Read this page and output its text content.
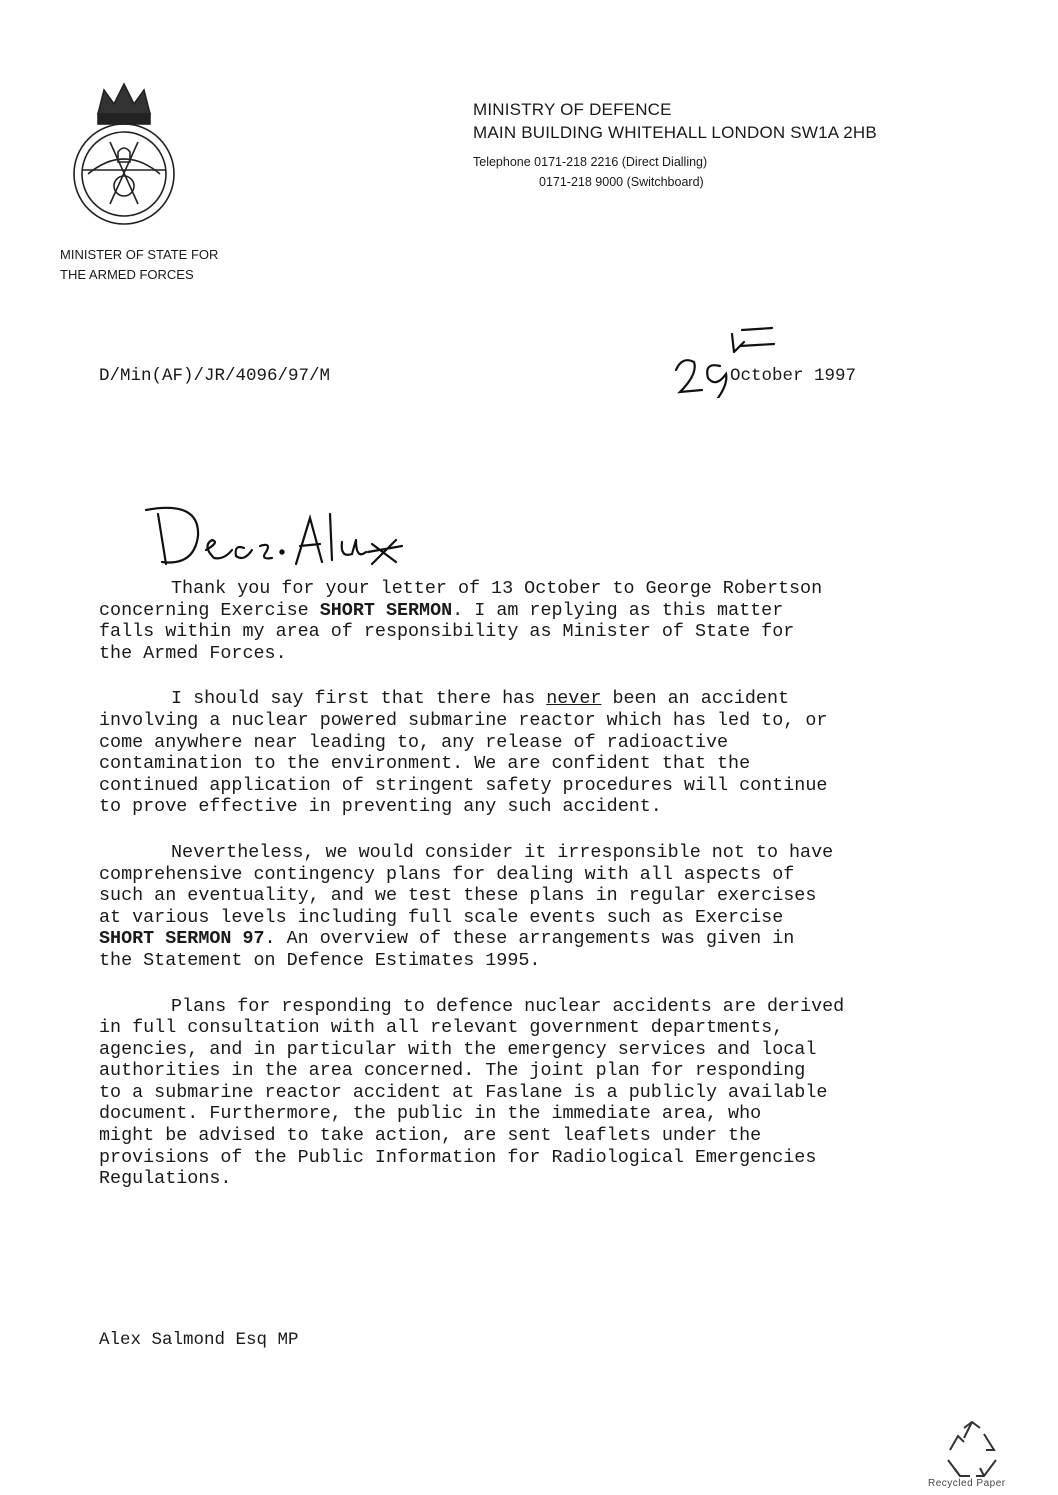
MINISTRY OF DEFENCE
MAIN BUILDING WHITEHALL LONDON SW1A 2HB
Telephone 0171-218 2216 (Direct Dialling)
0171-218 9000 (Switchboard)
MINISTER OF STATE FOR
THE ARMED FORCES
D/Min(AF)/JR/4096/97/M	October 1997

Thank you for your letter of 13 October to George Robertson
concerning Exercise SHORT SERMON. I am replying as this matter
falls within my area of responsibility as Minister of State for
the Armed Forces.

I should say first that there has never been an accident
involving a nuclear powered submarine reactor which has led to, or
come anywhere near leading to, any release of radioactive
contamination to the environment. We are confident that the
continued application of stringent safety procedures will continue
to prove effective in preventing any such accident.

Nevertheless, we would consider it irresponsible not to have
comprehensive contingency plans for dealing with all aspects of
such an eventuality, and we test these plans in regular exercises
at various levels including full scale events such as Exercise
SHORT SERMON 97. An overview of these arrangements was given in
the Statement on Defence Estimates 1995.

Plans for responding to defence nuclear accidents are derived
in full consultation with all relevant government departments,
agencies, and in particular with the emergency services and local
authorities in the area concerned. The joint plan for responding
to a submarine reactor accident at Faslane is a publicly available
document. Furthermore, the public in the immediate area, who
might be advised to take action, are sent leaflets under the
provisions of the Public Information for Radiological Emergencies
Regulations.

Alex Salmond Esq MP
Recycled Paper
